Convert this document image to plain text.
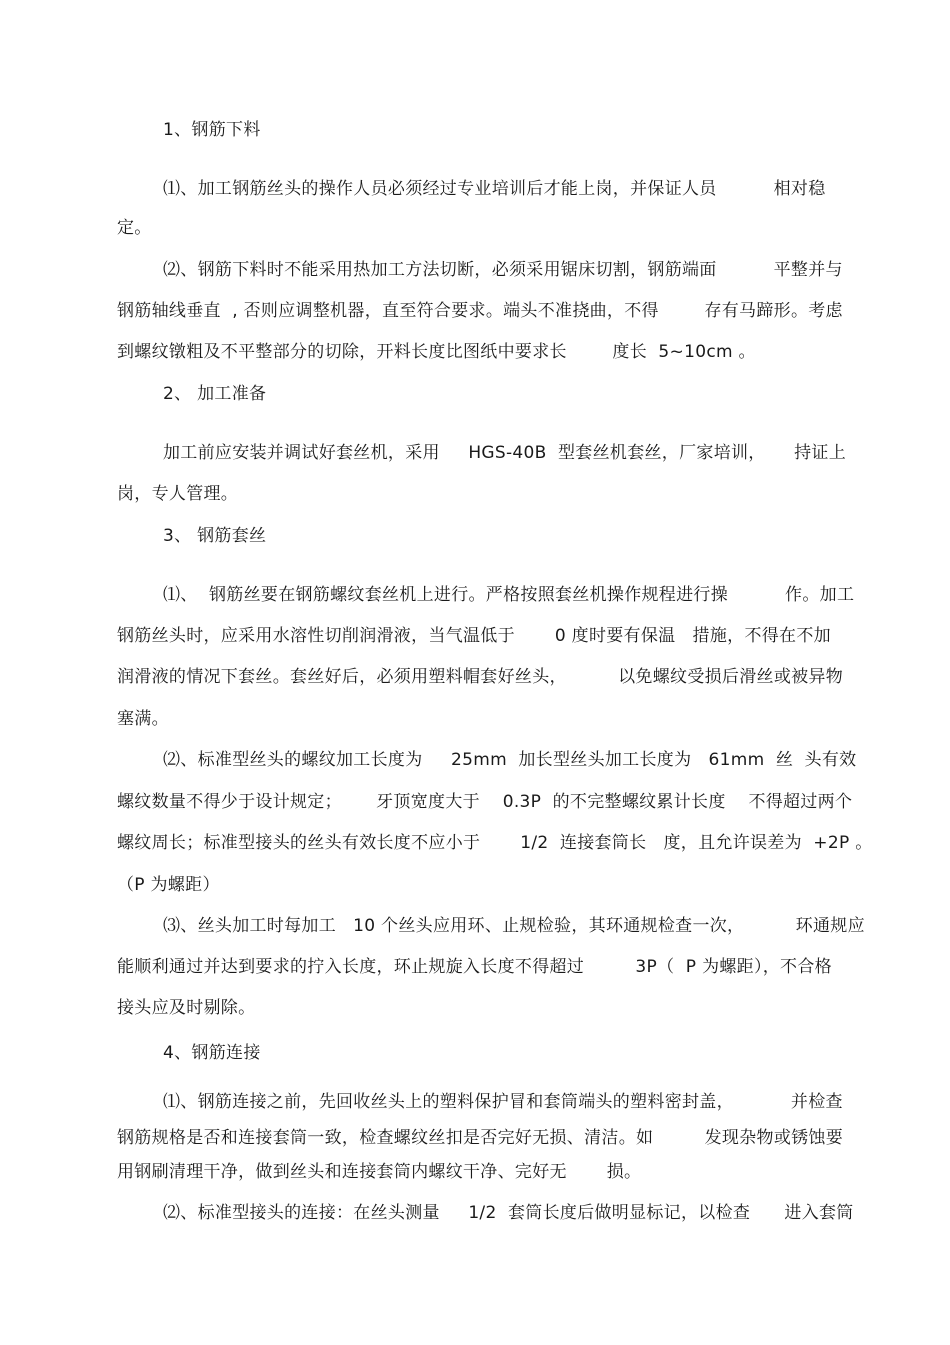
1、钢筋下料
⑴、加工钢筋丝头的操作人员必须经过专业培训后才能上岗，并保证人员          相对稳
定。
⑵、钢筋下料时不能采用热加工方法切断，必须采用锯床切割，钢筋端面          平整并与
钢筋轴线垂直  , 否则应调整机器，直至符合要求。端头不准挠曲，不得        存有马蹄形。考虑
到螺纹镦粗及不平整部分的切除，开料长度比图纸中要求长        度长  5~10cm 。
2、 加工准备
加工前应安装并调试好套丝机，采用     HGS-40B  型套丝机套丝，厂家培训，     持证上
岗，专人管理。
3、 钢筋套丝
⑴、  钢筋丝要在钢筋螺纹套丝机上进行。严格按照套丝机操作规程进行操          作。加工
钢筋丝头时，应采用水溶性切削润滑液，当气温低于       0 度时要有保温   措施，不得在不加
润滑液的情况下套丝。套丝好后，必须用塑料帽套好丝头，         以免螺纹受损后滑丝或被异物
塞满。
⑵、标准型丝头的螺纹加工长度为     25mm  加长型丝头加工长度为   61mm  丝  头有效
螺纹数量不得少于设计规定；      牙顶宽度大于    0.3P  的不完整螺纹累计长度    不得超过两个
螺纹周长；标准型接头的丝头有效长度不应小于       1/2  连接套筒长   度，且允许误差为  +2P 。
（P 为螺距）
⑶、丝头加工时每加工   10 个丝头应用环、止规检验，其环通规检查一次，         环通规应
能顺利通过并达到要求的拧入长度，环止规旋入长度不得超过         3P（  P 为螺距），不合格
接头应及时剔除。
4、钢筋连接
⑴、钢筋连接之前，先回收丝头上的塑料保护冒和套筒端头的塑料密封盖，          并检查
钢筋规格是否和连接套筒一致，检查螺纹丝扣是否完好无损、清洁。如         发现杂物或锈蚀要
用钢刷清理干净，做到丝头和连接套筒内螺纹干净、完好无       损。
⑵、标准型接头的连接：在丝头测量     1/2  套筒长度后做明显标记，以检查      进入套筒
